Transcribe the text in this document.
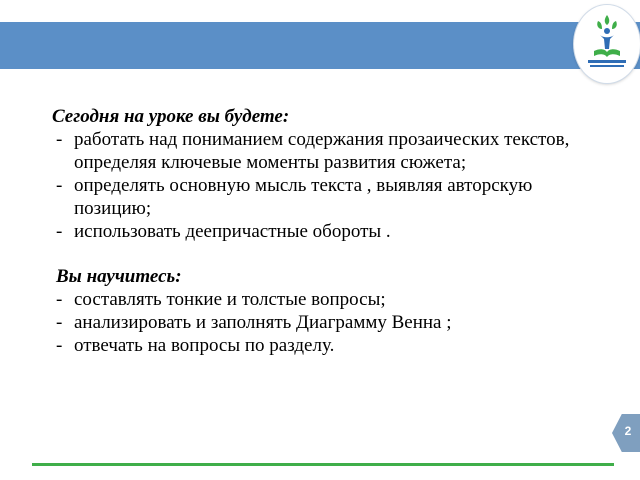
Сегодня на уроке вы будете:

- работать над пониманием содержания прозаических текстов, определяя ключевые моменты развития сюжета;
- определять основную мысль текста , выявляя авторскую позицию;
- использовать деепричастные обороты .

Вы научитесь:

- составлять тонкие и толстые вопросы;
- анализировать и заполнять Диаграмму Венна ;
- отвечать на вопросы по разделу.
2
